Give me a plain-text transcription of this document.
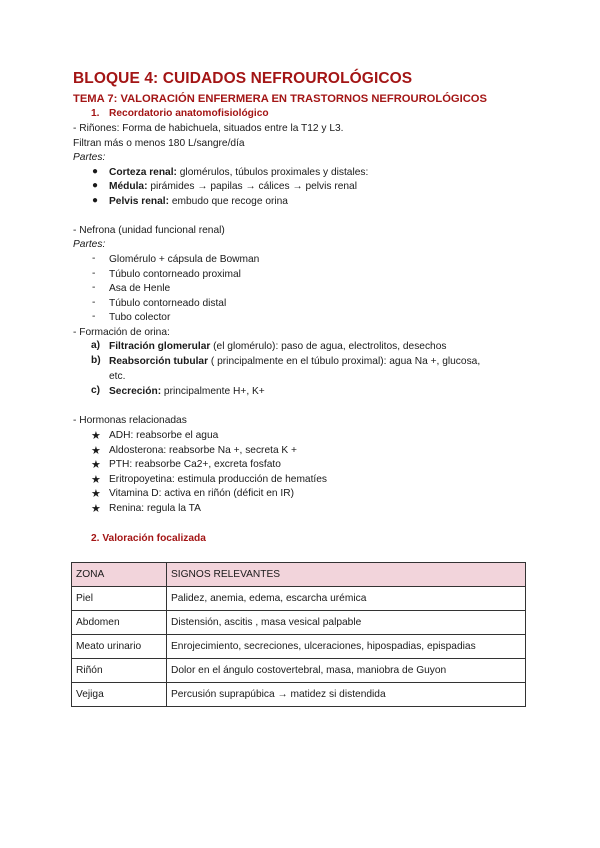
BLOQUE 4: CUIDADOS NEFROUROLÓGICOS
TEMA 7: VALORACIÓN ENFERMERA EN TRASTORNOS NEFROUROLÓGICOS
1. Recordatorio anatomofisiológico
- Riñones: Forma de habichuela, situados entre la T12 y L3.
Filtran más o menos 180 L/sangre/día
Partes:
● Corteza renal: glomérulos, túbulos proximales y distales:
● Médula: pirámides → papilas → cálices → pelvis renal
● Pelvis renal: embudo que recoge orina
- Nefrona (unidad funcional renal)
Partes:
- Glomérulo + cápsula de Bowman
- Túbulo contorneado proximal
- Asa de Henle
- Túbulo contorneado distal
- Tubo colector
- Formación de orina:
a) Filtración glomerular (el glomérulo): paso de agua, electrolitos, desechos
b) Reabsorción tubular ( principalmente en el túbulo proximal): agua Na +, glucosa,
etc.
c) Secreción: principalmente H+, K+
- Hormonas relacionadas
★ ADH: reabsorbe el agua
★ Aldosterona: reabsorbe Na +, secreta K +
★ PTH: reabsorbe Ca2+, excreta fosfato
★ Eritropoyetina: estimula producción de hematíes
★ Vitamina D: activa en riñón (déficit en IR)
★ Renina: regula la TA
2. Valoración focalizada
ZONA	SIGNOS RELEVANTES
Piel	Palidez, anemia, edema, escarcha urémica
Abdomen	Distensión, ascitis , masa vesical palpable
Meato urinario	Enrojecimiento, secreciones, ulceraciones, hipospadias, epispadias
Riñón	Dolor en el ángulo costovertebral, masa, maniobra de Guyon
Vejiga	Percusión suprapúbica → matidez si distendida
